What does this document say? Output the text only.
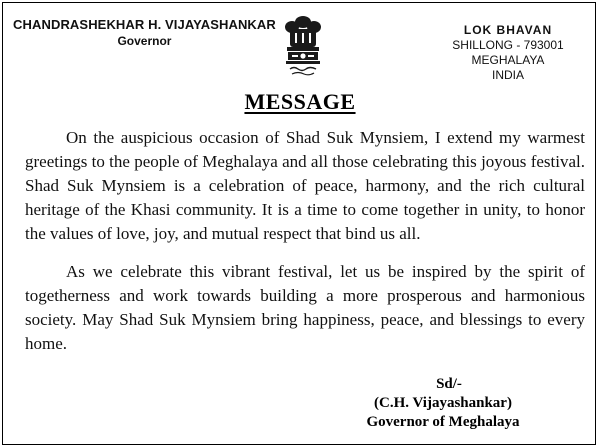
CHANDRASHEKHAR H. VIJAYASHANKAR
Governor
LOK BHAVAN
SHILLONG - 793001
MEGHALAYA
INDIA
MESSAGE

On the auspicious occasion of Shad Suk Mynsiem, I extend my warmest greetings to the people of Meghalaya and all those celebrating this joyous festival. Shad Suk Mynsiem is a celebration of peace, harmony, and the rich cultural heritage of the Khasi community. It is a time to come together in unity, to honor the values of love, joy, and mutual respect that bind us all.

As we celebrate this vibrant festival, let us be inspired by the spirit of togetherness and work towards building a more prosperous and harmonious society. May Shad Suk Mynsiem bring happiness, peace, and blessings to every home.

Sd/-
(C.H. Vijayashankar)
Governor of Meghalaya
